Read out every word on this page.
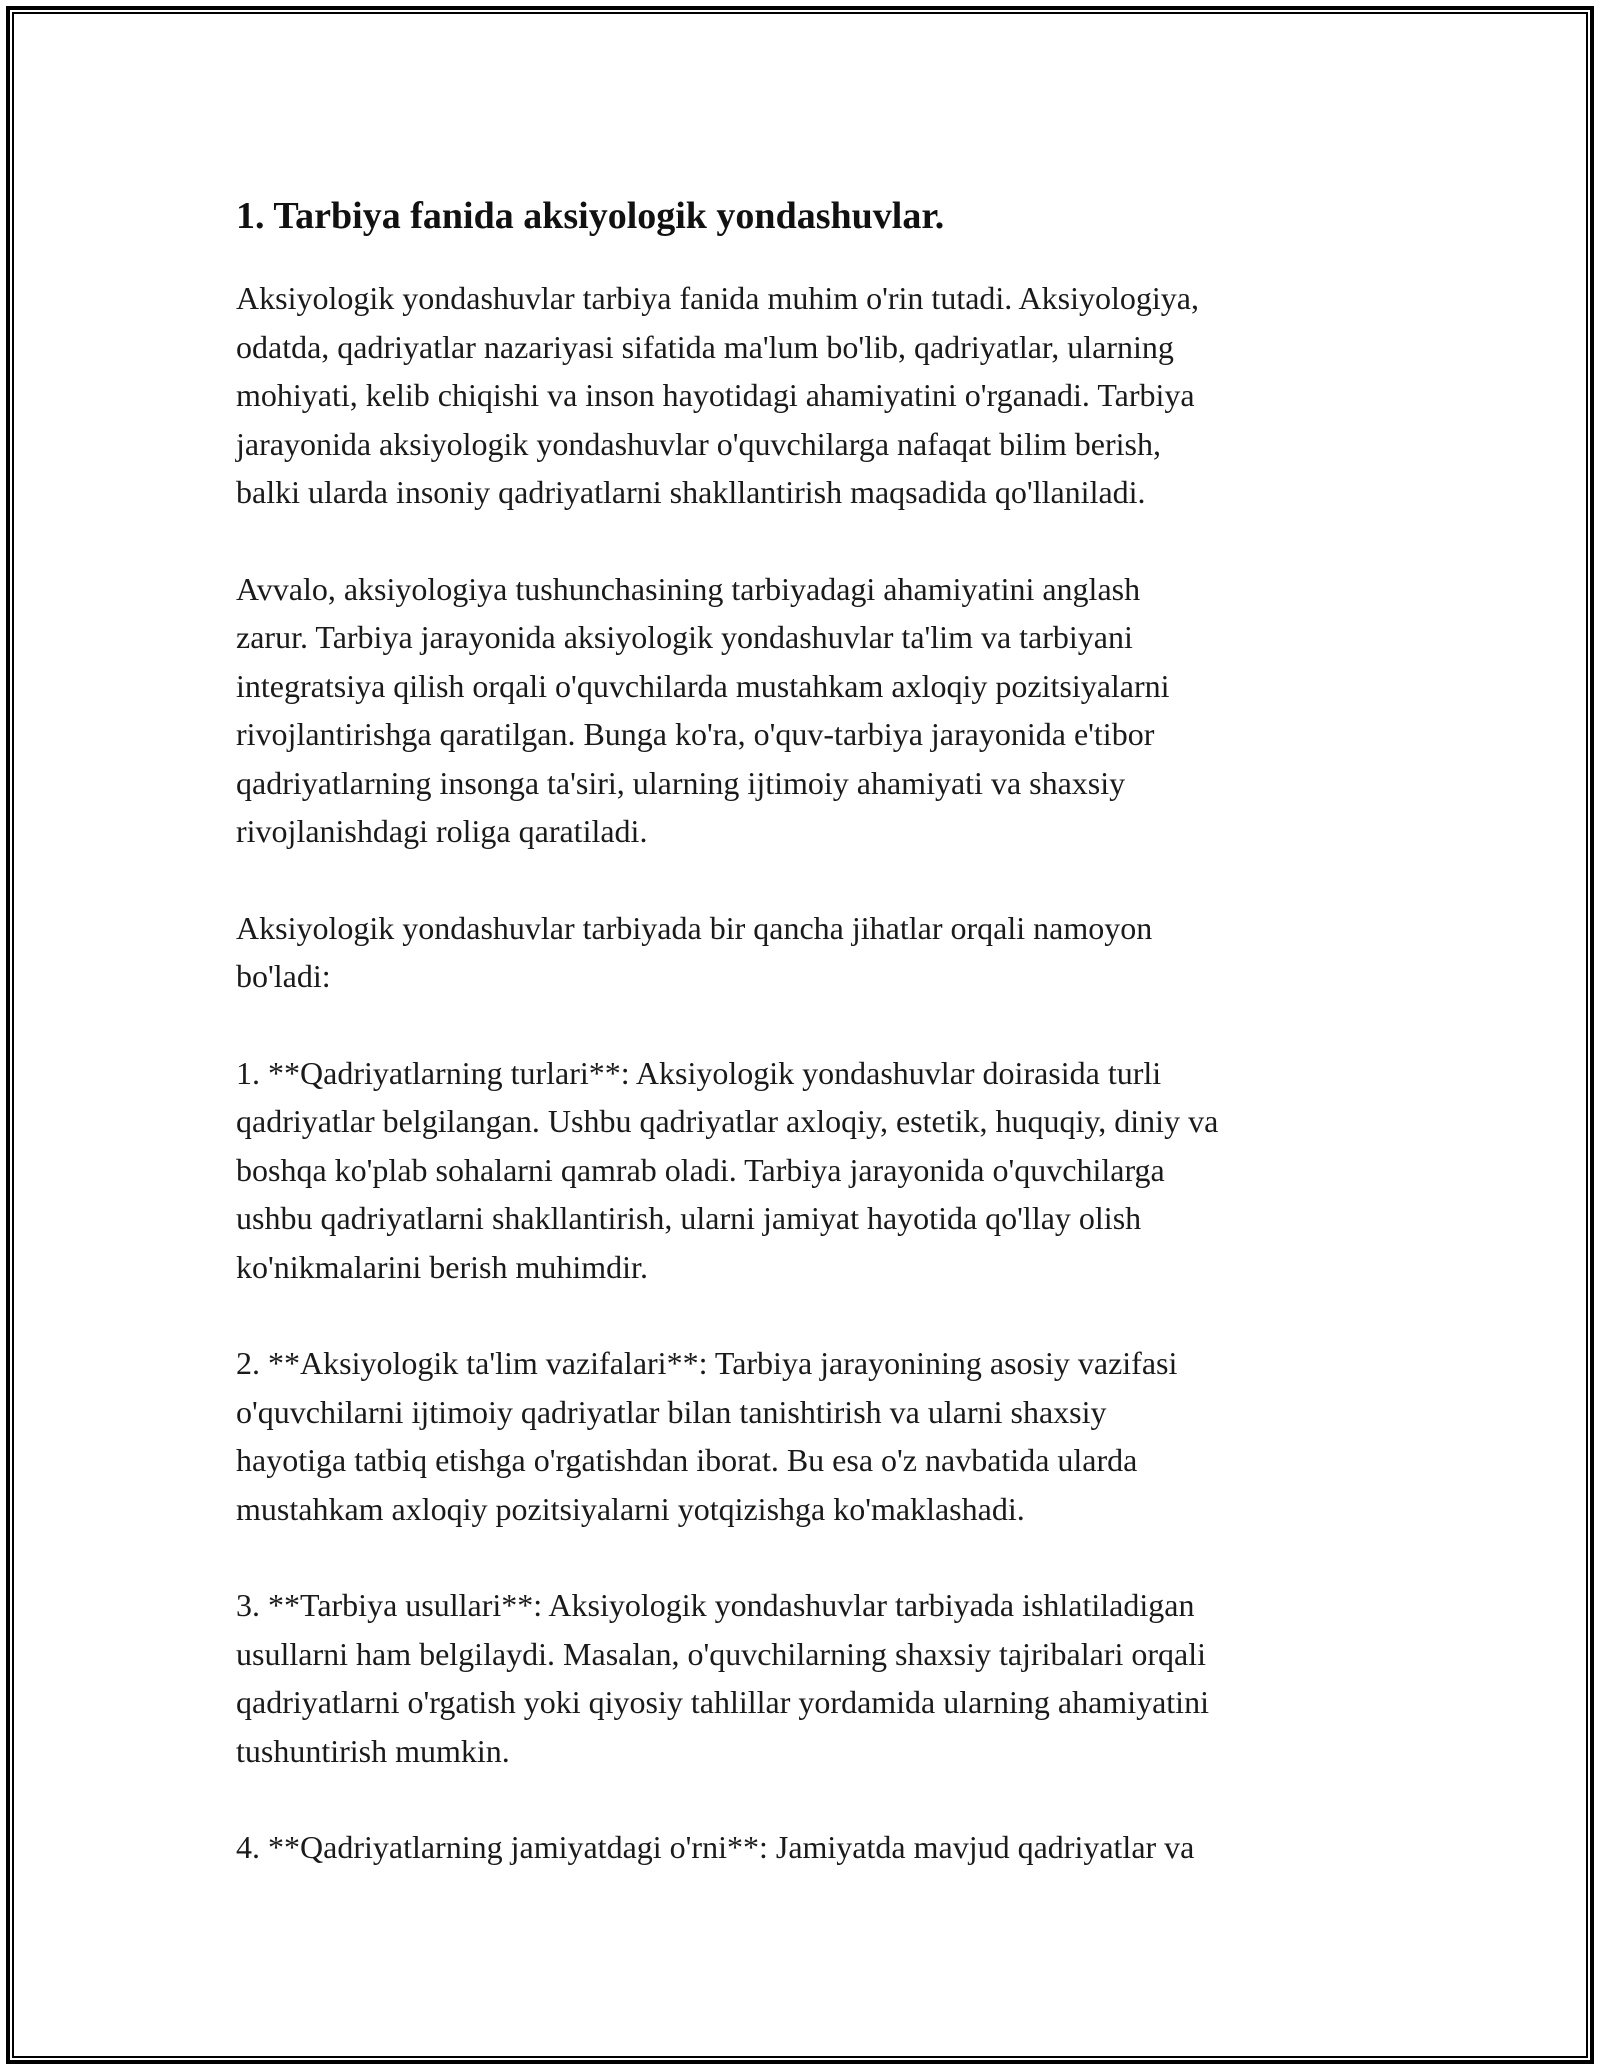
1. Tarbiya fanida aksiyologik yondashuvlar.

Aksiyologik yondashuvlar tarbiya fanida muhim o'rin tutadi. Aksiyologiya,
odatda, qadriyatlar nazariyasi sifatida ma'lum bo'lib, qadriyatlar, ularning
mohiyati, kelib chiqishi va inson hayotidagi ahamiyatini o'rganadi. Tarbiya
jarayonida aksiyologik yondashuvlar o'quvchilarga nafaqat bilim berish,
balki ularda insoniy qadriyatlarni shakllantirish maqsadida qo'llaniladi.

Avvalo, aksiyologiya tushunchasining tarbiyadagi ahamiyatini anglash
zarur. Tarbiya jarayonida aksiyologik yondashuvlar ta'lim va tarbiyani
integratsiya qilish orqali o'quvchilarda mustahkam axloqiy pozitsiyalarni
rivojlantirishga qaratilgan. Bunga ko'ra, o'quv-tarbiya jarayonida e'tibor
qadriyatlarning insonga ta'siri, ularning ijtimoiy ahamiyati va shaxsiy
rivojlanishdagi roliga qaratiladi.

Aksiyologik yondashuvlar tarbiyada bir qancha jihatlar orqali namoyon
bo'ladi:

1. **Qadriyatlarning turlari**: Aksiyologik yondashuvlar doirasida turli
qadriyatlar belgilangan. Ushbu qadriyatlar axloqiy, estetik, huquqiy, diniy va
boshqa ko'plab sohalarni qamrab oladi. Tarbiya jarayonida o'quvchilarga
ushbu qadriyatlarni shakllantirish, ularni jamiyat hayotida qo'llay olish
ko'nikmalarini berish muhimdir.

2. **Aksiyologik ta'lim vazifalari**: Tarbiya jarayonining asosiy vazifasi
o'quvchilarni ijtimoiy qadriyatlar bilan tanishtirish va ularni shaxsiy
hayotiga tatbiq etishga o'rgatishdan iborat. Bu esa o'z navbatida ularda
mustahkam axloqiy pozitsiyalarni yotqizishga ko'maklashadi.

3. **Tarbiya usullari**: Aksiyologik yondashuvlar tarbiyada ishlatiladigan
usullarni ham belgilaydi. Masalan, o'quvchilarning shaxsiy tajribalari orqali
qadriyatlarni o'rgatish yoki qiyosiy tahlillar yordamida ularning ahamiyatini
tushuntirish mumkin.

4. **Qadriyatlarning jamiyatdagi o'rni**: Jamiyatda mavjud qadriyatlar va
